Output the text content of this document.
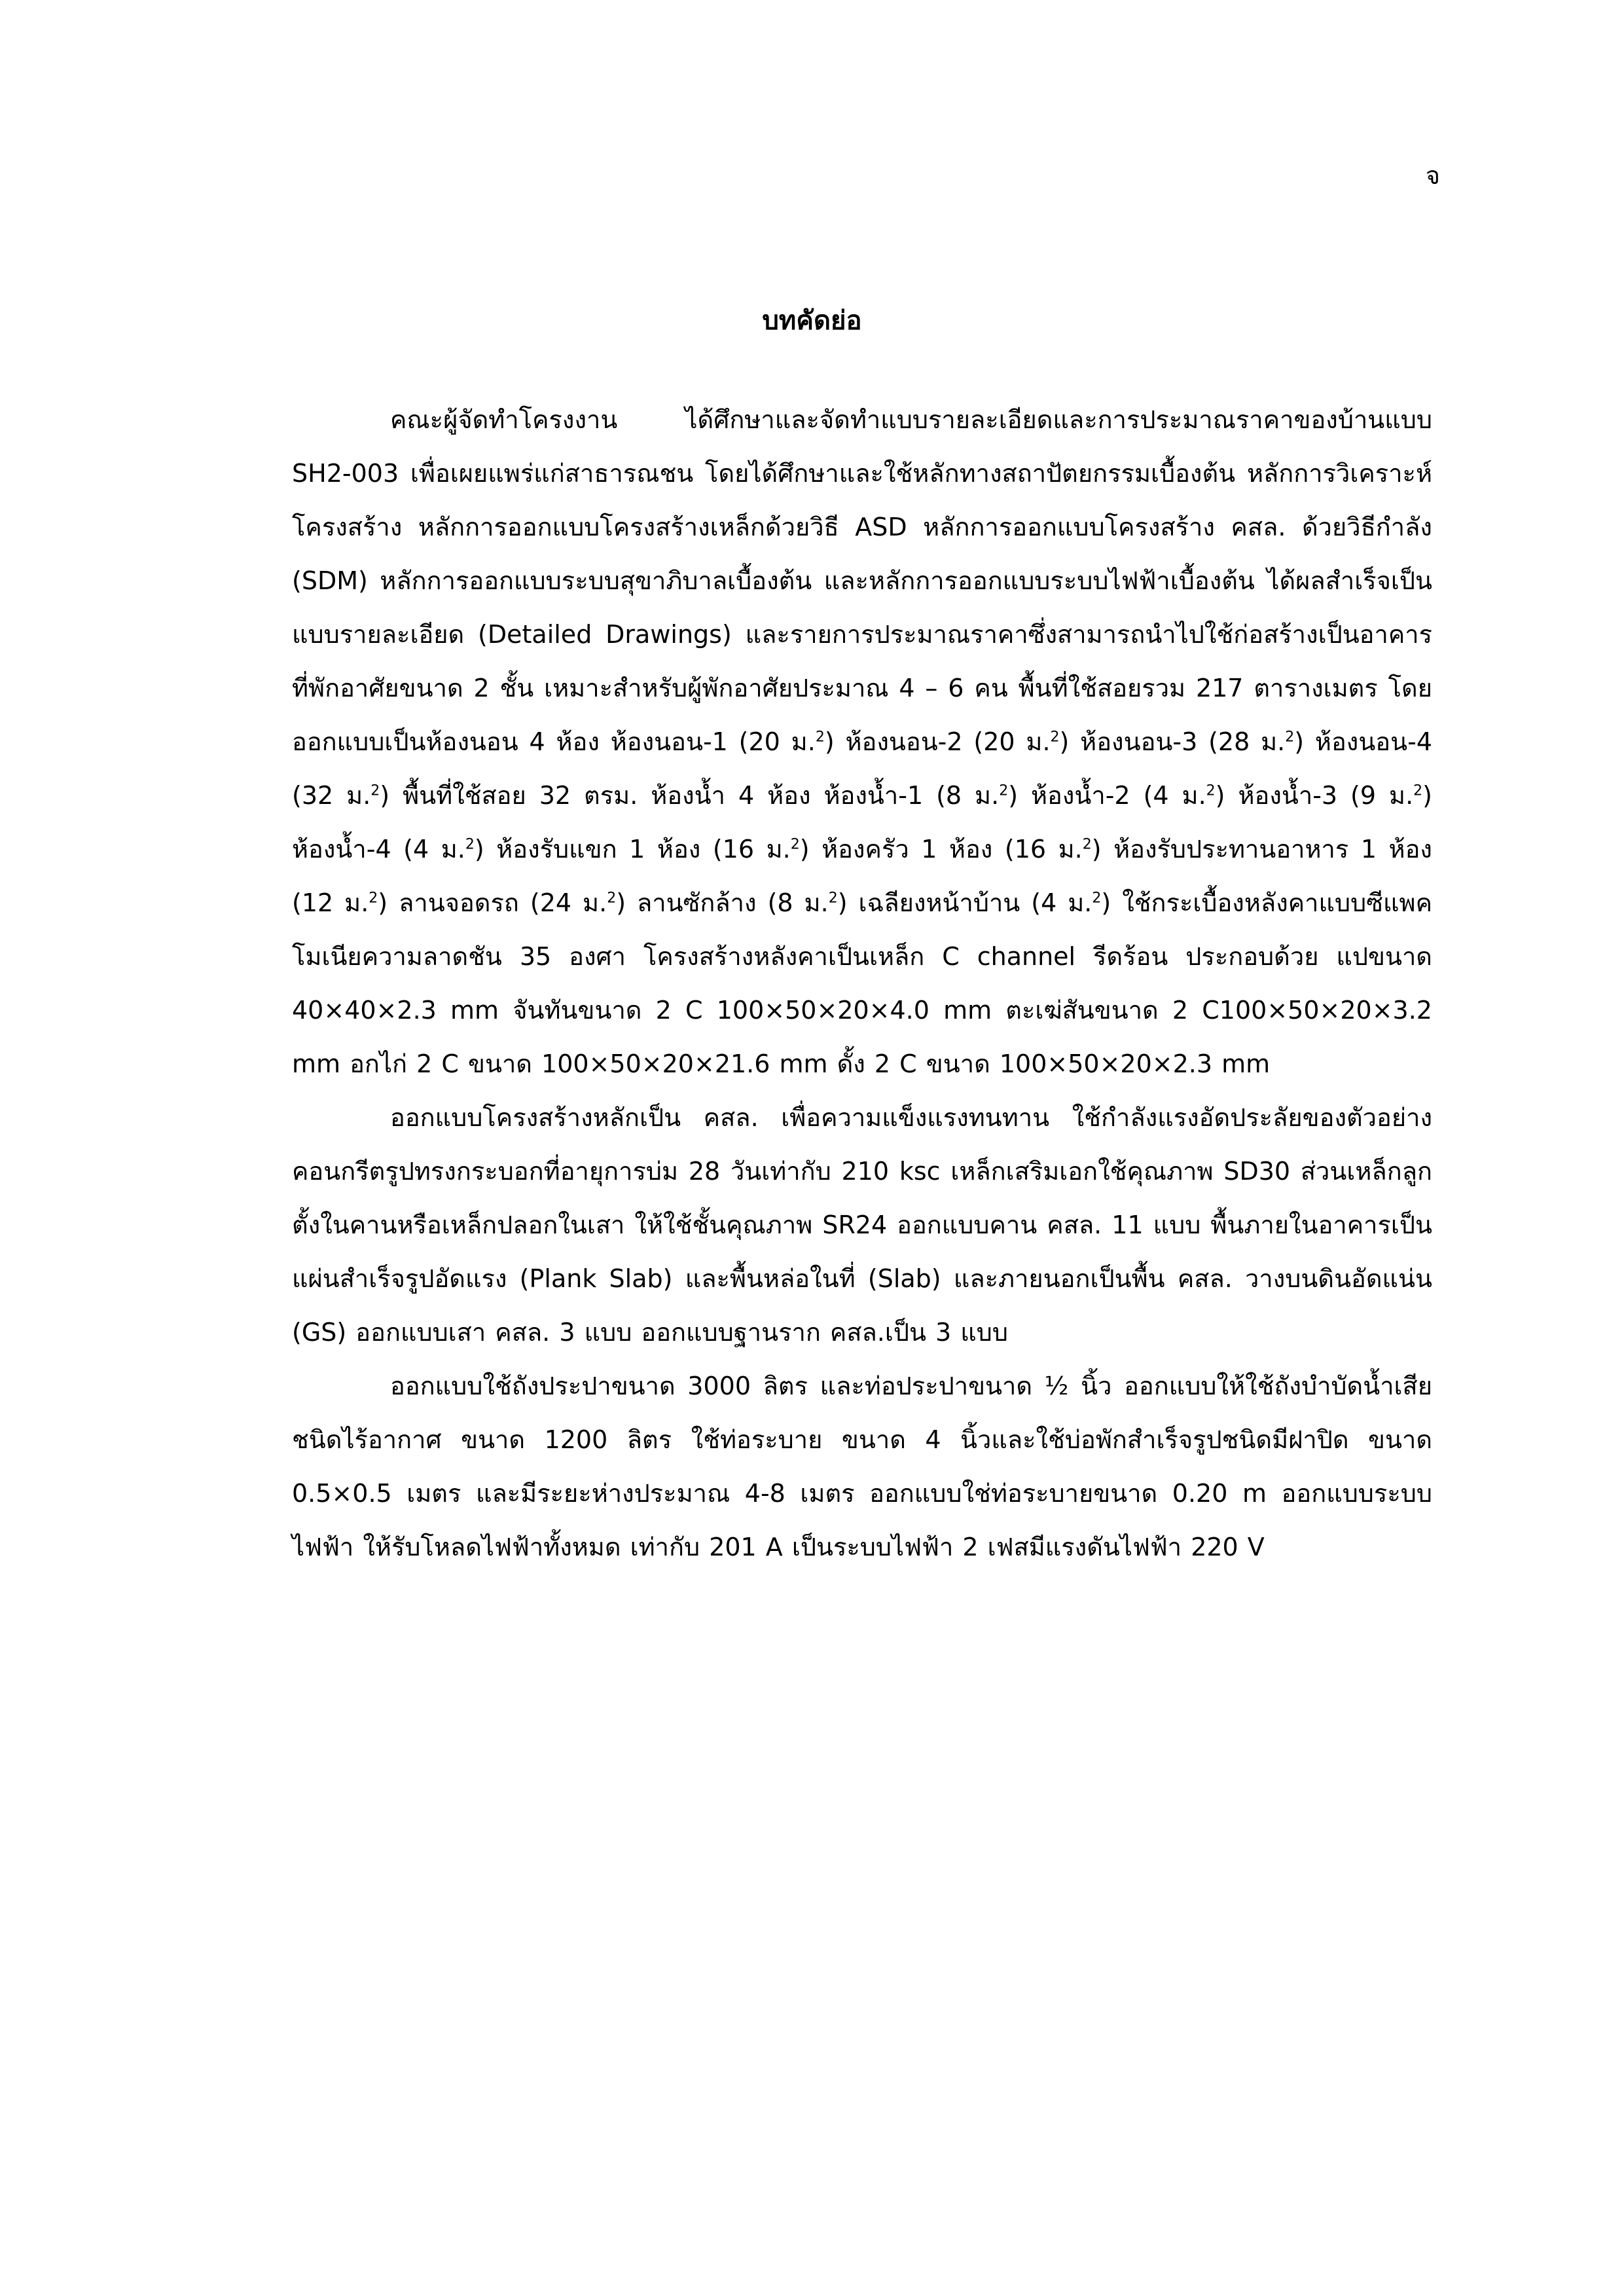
จ
บทคัดย่อ

คณะผู้จัดทำโครงงาน ได้ศึกษาและจัดทำแบบรายละเอียดและการประมาณราคาของบ้านแบบ SH2-003 เพื่อเผยแพร่แก่สาธารณชน โดยได้ศึกษาและใช้หลักทางสถาปัตยกรรมเบื้องต้น หลักการวิเคราะห์โครงสร้าง หลักการออกแบบโครงสร้างเหล็กด้วยวิธี ASD หลักการออกแบบโครงสร้าง คสล. ด้วยวิธีกำลัง (SDM) หลักการออกแบบระบบสุขาภิบาลเบื้องต้น และหลักการออกแบบระบบไฟฟ้าเบื้องต้น ได้ผลสำเร็จเป็นแบบรายละเอียด (Detailed Drawings) และรายการประมาณราคาซึ่งสามารถนำไปใช้ก่อสร้างเป็นอาคารที่พักอาศัยขนาด 2 ชั้น เหมาะสำหรับผู้พักอาศัยประมาณ 4 – 6 คน พื้นที่ใช้สอยรวม 217 ตารางเมตร โดยออกแบบเป็นห้องนอน 4 ห้อง ห้องนอน-1 (20 ม.$^2$) ห้องนอน-2 (20 ม.$^2$) ห้องนอน-3 (28 ม.$^2$) ห้องนอน-4 (32 ม.$^2$) พื้นที่ใช้สอย 32 ตรม. ห้องน้ำ 4 ห้อง ห้องน้ำ-1 (8 ม.$^2$) ห้องน้ำ-2 (4 ม.$^2$) ห้องน้ำ-3 (9 ม.$^2$) ห้องน้ำ-4 (4 ม.$^2$) ห้องรับแขก 1 ห้อง (16 ม.$^2$) ห้องครัว 1 ห้อง (16 ม.$^2$) ห้องรับประทานอาหาร 1 ห้อง (12 ม.$^2$) ลานจอดรถ (24 ม.$^2$) ลานซักล้าง (8 ม.$^2$) เฉลียงหน้าบ้าน (4 ม.$^2$) ใช้กระเบื้องหลังคาแบบซีแพคโมเนียความลาดชัน 35 องศา โครงสร้างหลังคาเป็นเหล็ก C channel รีดร้อน ประกอบด้วย แปขนาด 40×40×2.3 mm จันทันขนาด 2 C 100×50×20×4.0 mm ตะเฆ่สันขนาด 2 C100×50×20×3.2 mm อกไก่ 2 C ขนาด 100×50×20×21.6 mm ดั้ง 2 C ขนาด 100×50×20×2.3 mm

ออกแบบโครงสร้างหลักเป็น คสล. เพื่อความแข็งแรงทนทาน ใช้กำลังแรงอัดประลัยของตัวอย่างคอนกรีตรูปทรงกระบอกที่อายุการบ่ม 28 วันเท่ากับ 210 ksc เหล็กเสริมเอกใช้คุณภาพ SD30 ส่วนเหล็กลูกตั้งในคานหรือเหล็กปลอกในเสา ให้ใช้ชั้นคุณภาพ SR24 ออกแบบคาน คสล. 11 แบบ พื้นภายในอาคารเป็นแผ่นสำเร็จรูปอัดแรง (Plank Slab) และพื้นหล่อในที่ (Slab) และภายนอกเป็นพื้น คสล. วางบนดินอัดแน่น (GS) ออกแบบเสา คสล. 3 แบบ ออกแบบฐานราก คสล.เป็น 3 แบบ

ออกแบบใช้ถังประปาขนาด 3000 ลิตร และท่อประปาขนาด ½ นิ้ว ออกแบบให้ใช้ถังบำบัดน้ำเสียชนิดไร้อากาศ ขนาด 1200 ลิตร ใช้ท่อระบาย ขนาด 4 นิ้วและใช้บ่อพักสำเร็จรูปชนิดมีฝาปิด ขนาด 0.5×0.5 เมตร และมีระยะห่างประมาณ 4-8 เมตร ออกแบบใช่ท่อระบายขนาด 0.20 m ออกแบบระบบไฟฟ้า ให้รับโหลดไฟฟ้าทั้งหมด เท่ากับ 201 A เป็นระบบไฟฟ้า 2 เฟสมีแรงดันไฟฟ้า 220 V
